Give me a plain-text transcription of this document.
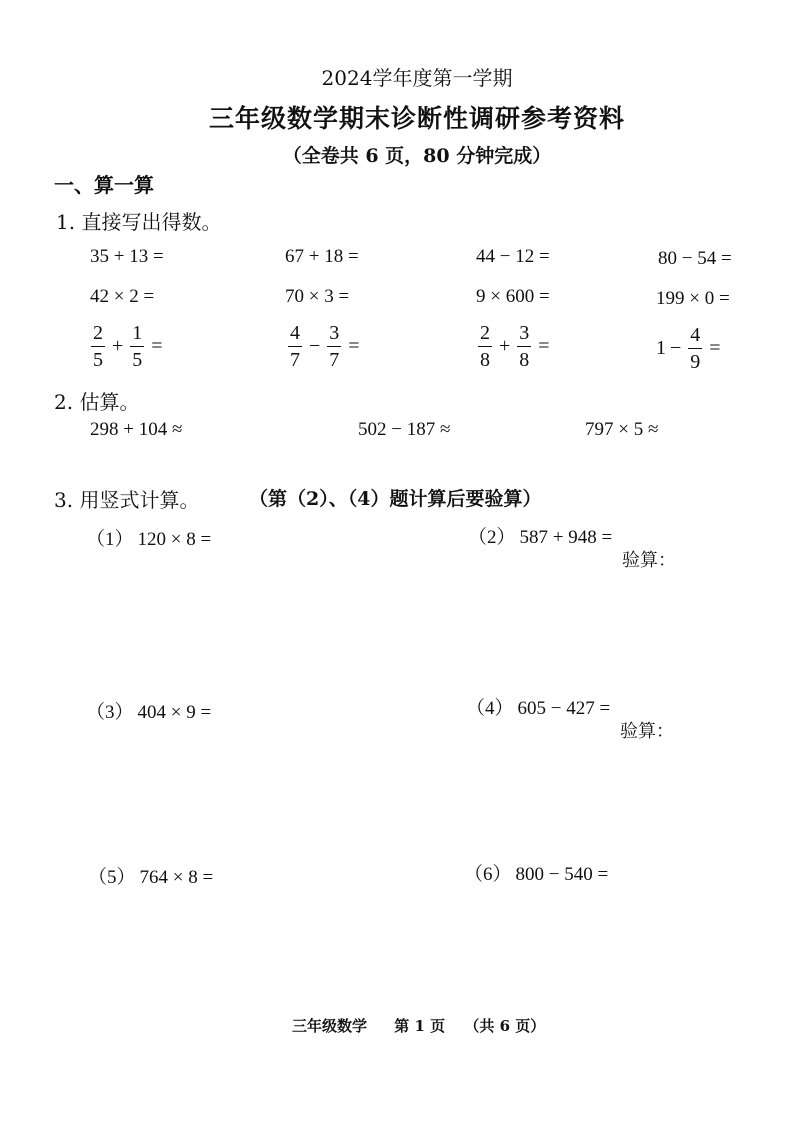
2024学年度第一学期
三年级数学期末诊断性调研参考资料
（全卷共 6 页，80 分钟完成）
一、算一算
1. 直接写出得数。
35 + 13 =	67 + 18 =	44 − 12 =	80 − 54 =
42 × 2 =	70 × 3 =	9 × 600 =	199 × 0 =
$\frac{2}{5} + \frac{1}{5}$ =	$\frac{4}{7} - \frac{3}{7}$ =	$\frac{2}{8} + \frac{3}{8}$ =	$1 - \frac{4}{9}$ =
2. 估算。
298 + 104 ≈	502 − 187 ≈	797 × 5 ≈
3. 用竖式计算。	（第（2）、（4）题计算后要验算）
（1） 120 × 8 =	（2） 587 + 948 =
验算：
（3） 404 × 9 =	（4） 605 − 427 =
验算：
（5） 764 × 8 =	（6） 800 − 540 =
三年级数学 第 1 页 （共 6 页）
